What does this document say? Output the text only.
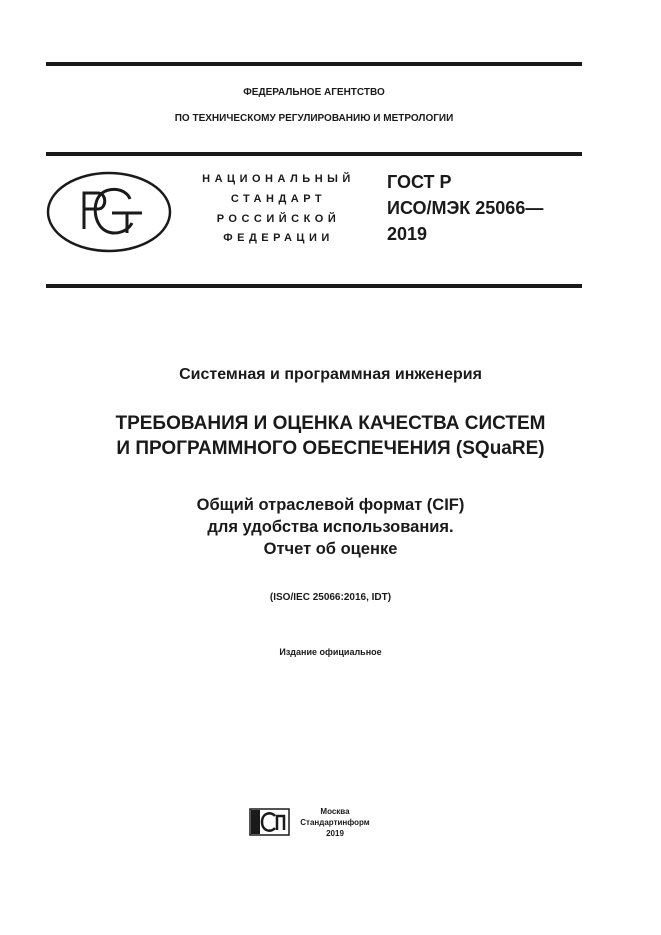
ФЕДЕРАЛЬНОЕ АГЕНТСТВО
ПО ТЕХНИЧЕСКОМУ РЕГУЛИРОВАНИЮ И МЕТРОЛОГИИ
НАЦИОНАЛЬНЫЙ
СТАНДАРТ
РОССИЙСКОЙ
ФЕДЕРАЦИИ
ГОСТ Р
ИСО/МЭК 25066—
2019
Системная и программная инженерия
ТРЕБОВАНИЯ И ОЦЕНКА КАЧЕСТВА СИСТЕМ
И ПРОГРАММНОГО ОБЕСПЕЧЕНИЯ (SQuaRE)
Общий отраслевой формат (CIF)
для удобства использования.
Отчет об оценке
(ISO/IEC 25066:2016, IDT)
Издание официальное
Москва
Стандартинформ
2019
